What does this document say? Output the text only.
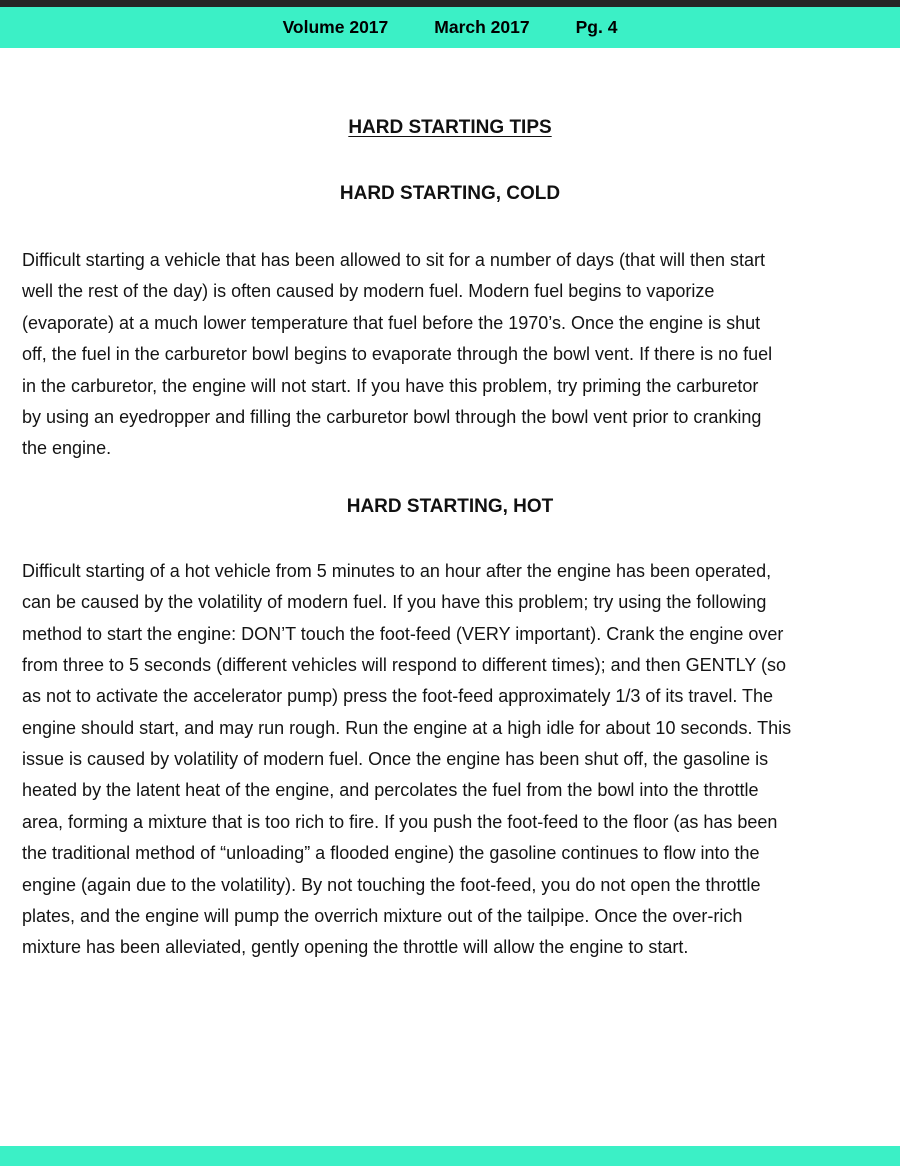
Volume 2017	March 2017	Pg. 4
HARD STARTING TIPS
HARD STARTING, COLD
Difficult starting a vehicle that has been allowed to sit for a number of days (that will then start
well the rest of the day) is often caused by modern fuel. Modern fuel begins to vaporize
(evaporate) at a much lower temperature that fuel before the 1970’s. Once the engine is shut
off, the fuel in the carburetor bowl begins to evaporate through the bowl vent. If there is no fuel
in the carburetor, the engine will not start. If you have this problem, try priming the carburetor
by using an eyedropper and filling the carburetor bowl through the bowl vent prior to cranking
the engine.
HARD STARTING, HOT
Difficult starting of a hot vehicle from 5 minutes to an hour after the engine has been operated,
can be caused by the volatility of modern fuel. If you have this problem; try using the following
method to start the engine: DON’T touch the foot-feed (VERY important). Crank the engine over
from three to 5 seconds (different vehicles will respond to different times); and then GENTLY (so
as not to activate the accelerator pump) press the foot-feed approximately 1/3 of its travel. The
engine should start, and may run rough. Run the engine at a high idle for about 10 seconds. This
issue is caused by volatility of modern fuel. Once the engine has been shut off, the gasoline is
heated by the latent heat of the engine, and percolates the fuel from the bowl into the throttle
area, forming a mixture that is too rich to fire. If you push the foot-feed to the floor (as has been
the traditional method of “unloading” a flooded engine) the gasoline continues to flow into the
engine (again due to the volatility). By not touching the foot-feed, you do not open the throttle
plates, and the engine will pump the overrich mixture out of the tailpipe. Once the over-rich
mixture has been alleviated, gently opening the throttle will allow the engine to start.
